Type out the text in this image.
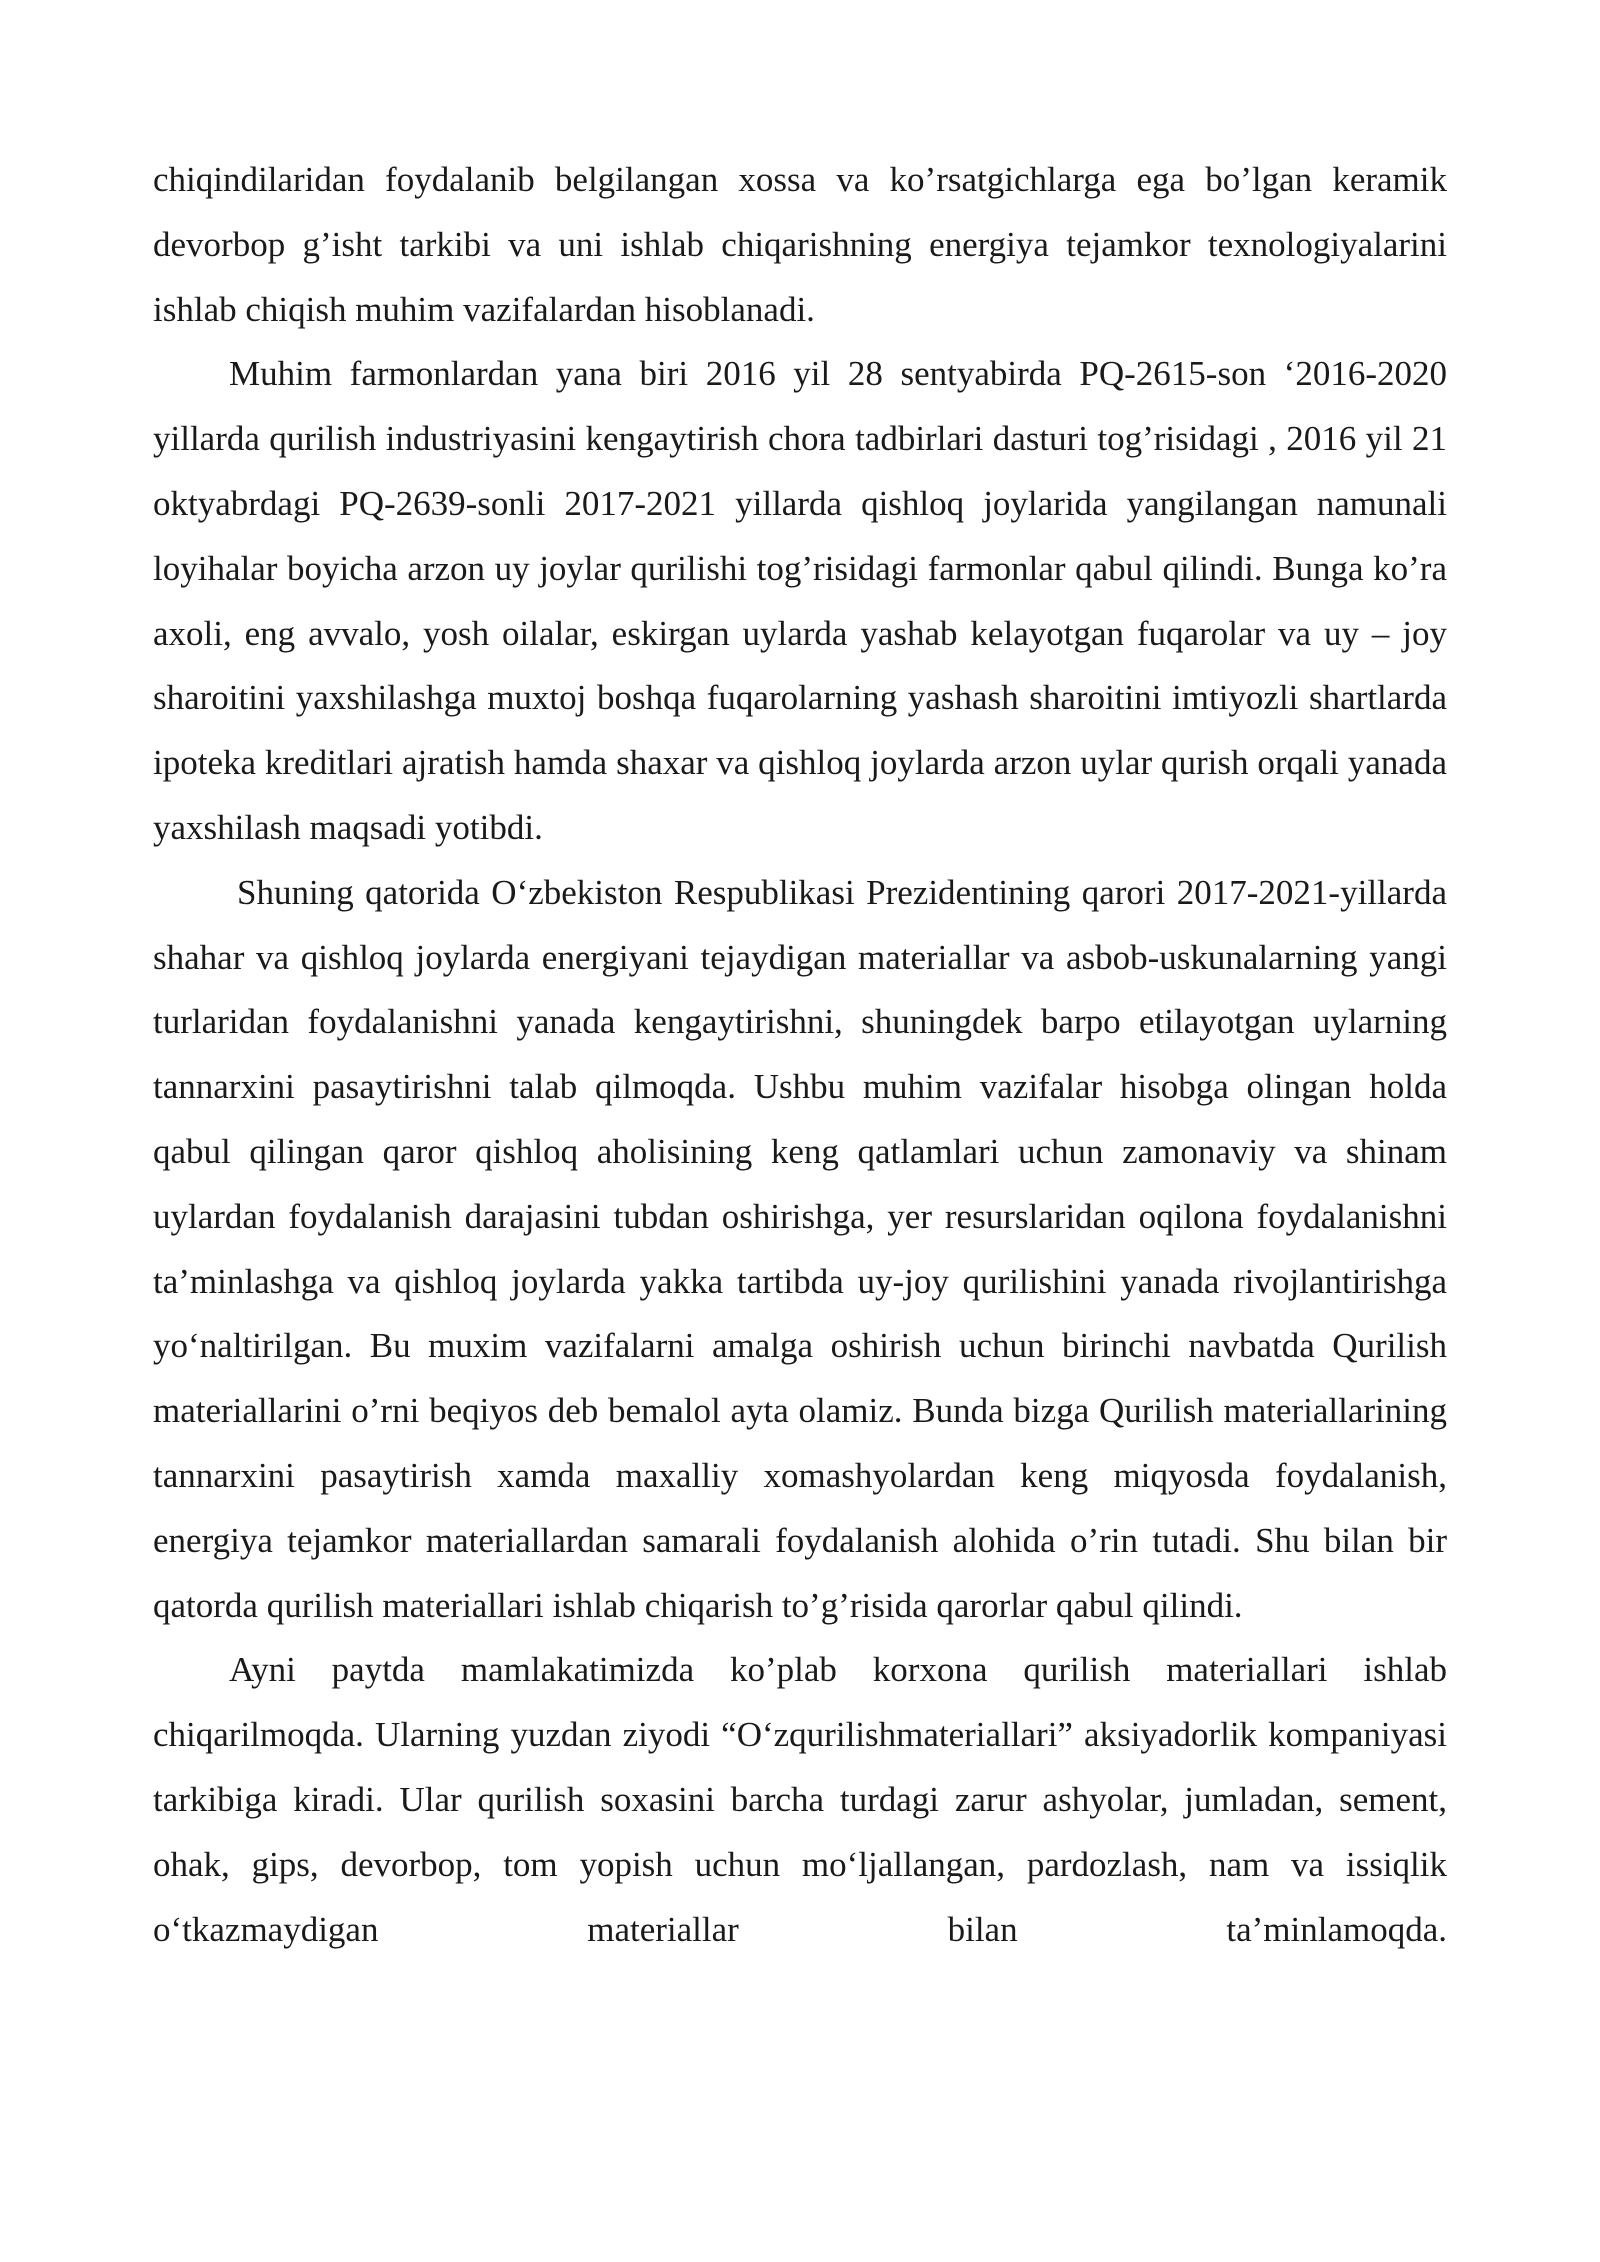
chiqindilaridan foydalanib belgilangan xossa va ko’rsatgichlarga ega bo’lgan keramik devorbop g’isht tarkibi va uni ishlab chiqarishning energiya tejamkor texnologiyalarini ishlab chiqish muhim vazifalardan hisoblanadi.

Muhim farmonlardan yana biri 2016 yil 28 sentyabirda PQ-2615-son ‘2016-2020 yillarda qurilish industriyasini kengaytirish chora tadbirlari dasturi tog’risidagi , 2016 yil 21 oktyabrdagi PQ-2639-sonli 2017-2021 yillarda qishloq joylarida yangilangan namunali loyihalar boyicha arzon uy joylar qurilishi tog’risidagi farmonlar qabul qilindi. Bunga ko’ra axoli, eng avvalo, yosh oilalar, eskirgan uylarda yashab kelayotgan fuqarolar va uy – joy sharoitini yaxshilashga muxtoj boshqa fuqarolarning yashash sharoitini imtiyozli shartlarda ipoteka kreditlari ajratish hamda shaxar va qishloq joylarda arzon uylar qurish orqali yanada yaxshilash maqsadi yotibdi.

Shuning qatorida O‘zbekiston Respublikasi Prezidentining qarori 2017-2021-yillarda shahar va qishloq joylarda energiyani tejaydigan materiallar va asbob-uskunalarning yangi turlaridan foydalanishni yanada kengaytirishni, shuningdek barpo etilayotgan uylarning tannarxini pasaytirishni talab qilmoqda. Ushbu muhim vazifalar hisobga olingan holda qabul qilingan qaror qishloq aholisining keng qatlamlari uchun zamonaviy va shinam uylardan foydalanish darajasini tubdan oshirishga, yer resurslaridan oqilona foydalanishni ta’minlashga va qishloq joylarda yakka tartibda uy-joy qurilishini yanada rivojlantirishga yo‘naltirilgan. Bu muxim vazifalarni amalga oshirish uchun birinchi navbatda Qurilish materiallarini o’rni beqiyos deb bemalol ayta olamiz. Bunda bizga Qurilish materiallarining tannarxini pasaytirish xamda maxalliy xomashyolardan keng miqyosda foydalanish, energiya tejamkor materiallardan samarali foydalanish alohida o’rin tutadi. Shu bilan bir qatorda qurilish materiallari ishlab chiqarish to’g’risida qarorlar qabul qilindi.

Ayni paytda mamlakatimizda ko’plab korxona qurilish materiallari ishlab chiqarilmoqda. Ularning yuzdan ziyodi “O‘zqurilishmateriallari” aksiyadorlik kompaniyasi tarkibiga kiradi. Ular qurilish soxasini barcha turdagi zarur ashyolar, jumladan, sement, ohak, gips, devorbop, tom yopish uchun mo‘ljallangan, pardozlash, nam va issiqlik o‘tkazmaydigan materiallar bilan ta’minlamoqda.
